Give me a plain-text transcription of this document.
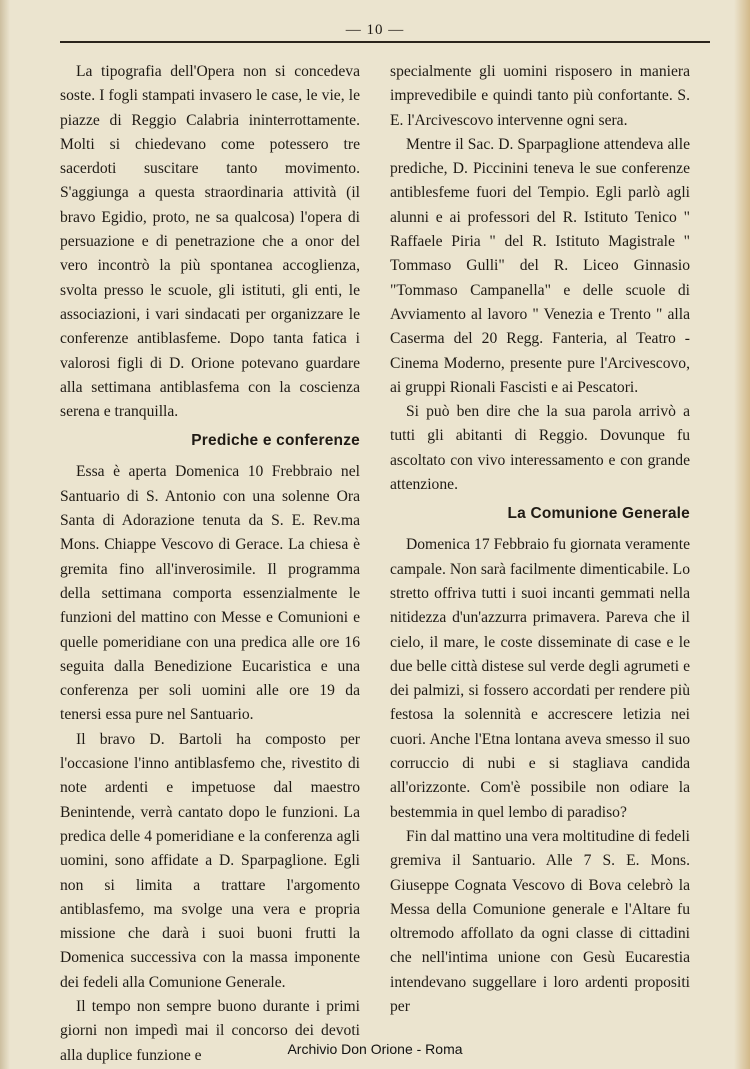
— 10 —

La tipografia dell'Opera non si concedeva soste. I fogli stampati invasero le case, le vie, le piazze di Reggio Calabria ininterrottamente. Molti si chiedevano come potessero tre sacerdoti suscitare tanto movimento. S'aggiunga a questa straordinaria attività (il bravo Egidio, proto, ne sa qualcosa) l'opera di persuazione e di penetrazione che a onor del vero incontrò la più spontanea accoglienza, svolta presso le scuole, gli istituti, gli enti, le associazioni, i vari sindacati per organizzare le conferenze antiblasfeme. Dopo tanta fatica i valorosi figli di D. Orione potevano guardare alla settimana antiblasfema con la coscienza serena e tranquilla.

Prediche e conferenze

Essa è aperta Domenica 10 Frebbraio nel Santuario di S. Antonio con una solenne Ora Santa di Adorazione tenuta da S. E. Rev.ma Mons. Chiappe Vescovo di Gerace. La chiesa è gremita fino all'inverosimile. Il programma della settimana comporta essenzialmente le funzioni del mattino con Messe e Comunioni e quelle pomeridiane con una predica alle ore 16 seguita dalla Benedizione Eucaristica e una conferenza per soli uomini alle ore 19 da tenersi essa pure nel Santuario.

Il bravo D. Bartoli ha composto per l'occasione l'inno antiblasfemo che, rivestito di note ardenti e impetuose dal maestro Benintende, verrà cantato dopo le funzioni. La predica delle 4 pomeridiane e la conferenza agli uomini, sono affidate a D. Sparpaglione. Egli non si limita a trattare l'argomento antiblasfemo, ma svolge una vera e propria missione che darà i suoi buoni frutti la Domenica successiva con la massa imponente dei fedeli alla Comunione Generale.

Il tempo non sempre buono durante i primi giorni non impedì mai il concorso dei devoti alla duplice funzione e

specialmente gli uomini risposero in maniera imprevedibile e quindi tanto più confortante. S. E. l'Arcivescovo intervenne ogni sera.

Mentre il Sac. D. Sparpaglione attendeva alle prediche, D. Piccinini teneva le sue conferenze antiblesfeme fuori del Tempio. Egli parlò agli alunni e ai professori del R. Istituto Tenico " Raffaele Piria " del R. Istituto Magistrale " Tommaso Gulli" del R. Liceo Ginnasio "Tommaso Campanella" e delle scuole di Avviamento al lavoro " Venezia e Trento " alla Caserma del 20 Regg. Fanteria, al Teatro - Cinema Moderno, presente pure l'Arcivescovo, ai gruppi Rionali Fascisti e ai Pescatori.

Si può ben dire che la sua parola arrivò a tutti gli abitanti di Reggio. Dovunque fu ascoltato con vivo interessamento e con grande attenzione.

La Comunione Generale

Domenica 17 Febbraio fu giornata veramente campale. Non sarà facilmente dimenticabile. Lo stretto offriva tutti i suoi incanti gemmati nella nitidezza d'un'azzurra primavera. Pareva che il cielo, il mare, le coste disseminate di case e le due belle città distese sul verde degli agrumeti e dei palmizi, si fossero accordati per rendere più festosa la solennità e accrescere letizia nei cuori. Anche l'Etna lontana aveva smesso il suo corruccio di nubi e si stagliava candida all'orizzonte. Com'è possibile non odiare la bestemmia in quel lembo di paradiso?

Fin dal mattino una vera moltitudine di fedeli gremiva il Santuario. Alle 7 S. E. Mons. Giuseppe Cognata Vescovo di Bova celebrò la Messa della Comunione generale e l'Altare fu oltremodo affollato da ogni classe di cittadini che nell'intima unione con Gesù Eucarestia intendevano suggellare i loro ardenti propositi per

Archivio Don Orione - Roma
